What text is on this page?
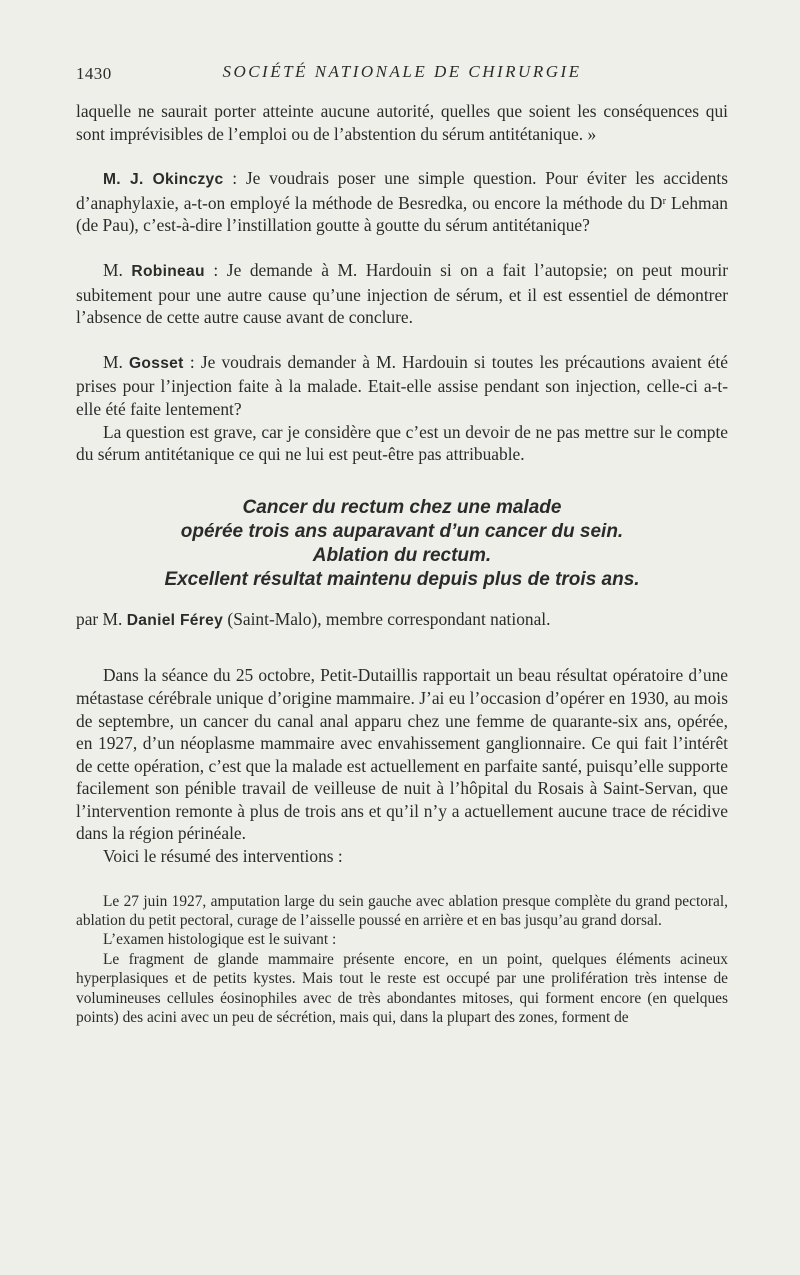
1430	SOCIÉTÉ NATIONALE DE CHIRURGIE

laquelle ne saurait porter atteinte aucune autorité, quelles que soient les conséquences qui sont imprévisibles de l’emploi ou de l’abstention du sérum antitétanique. »

M. J. Okinczyc : Je voudrais poser une simple question. Pour éviter les accidents d’anaphylaxie, a-t-on employé la méthode de Besredka, ou encore la méthode du Dʳ Lehman (de Pau), c’est-à-dire l’instillation goutte à goutte du sérum antitétanique?

M. Robineau : Je demande à M. Hardouin si on a fait l’autopsie; on peut mourir subitement pour une autre cause qu’une injection de sérum, et il est essentiel de démontrer l’absence de cette autre cause avant de conclure.

M. Gosset : Je voudrais demander à M. Hardouin si toutes les précautions avaient été prises pour l’injection faite à la malade. Etait-elle assise pendant son injection, celle-ci a-t-elle été faite lentement?

La question est grave, car je considère que c’est un devoir de ne pas mettre sur le compte du sérum antitétanique ce qui ne lui est peut-être pas attribuable.

Cancer du rectum chez une malade
opérée trois ans auparavant d’un cancer du sein.
Ablation du rectum.
Excellent résultat maintenu depuis plus de trois ans.

par M. Daniel Férey (Saint-Malo), membre correspondant national.

Dans la séance du 25 octobre, Petit-Dutaillis rapportait un beau résultat opératoire d’une métastase cérébrale unique d’origine mammaire. J’ai eu l’occasion d’opérer en 1930, au mois de septembre, un cancer du canal anal apparu chez une femme de quarante-six ans, opérée, en 1927, d’un néoplasme mammaire avec envahissement ganglionnaire. Ce qui fait l’intérêt de cette opération, c’est que la malade est actuellement en parfaite santé, puisqu’elle supporte facilement son pénible travail de veilleuse de nuit à l’hôpital du Rosais à Saint-Servan, que l’intervention remonte à plus de trois ans et qu’il n’y a actuellement aucune trace de récidive dans la région périnéale.

Voici le résumé des interventions :

Le 27 juin 1927, amputation large du sein gauche avec ablation presque complète du grand pectoral, ablation du petit pectoral, curage de l’aisselle poussé en arrière et en bas jusqu’au grand dorsal.

L’examen histologique est le suivant :

Le fragment de glande mammaire présente encore, en un point, quelques éléments acineux hyperplasiques et de petits kystes. Mais tout le reste est occupé par une prolifération très intense de volumineuses cellules éosinophiles avec de très abondantes mitoses, qui forment encore (en quelques points) des acini avec un peu de sécrétion, mais qui, dans la plupart des zones, forment de
